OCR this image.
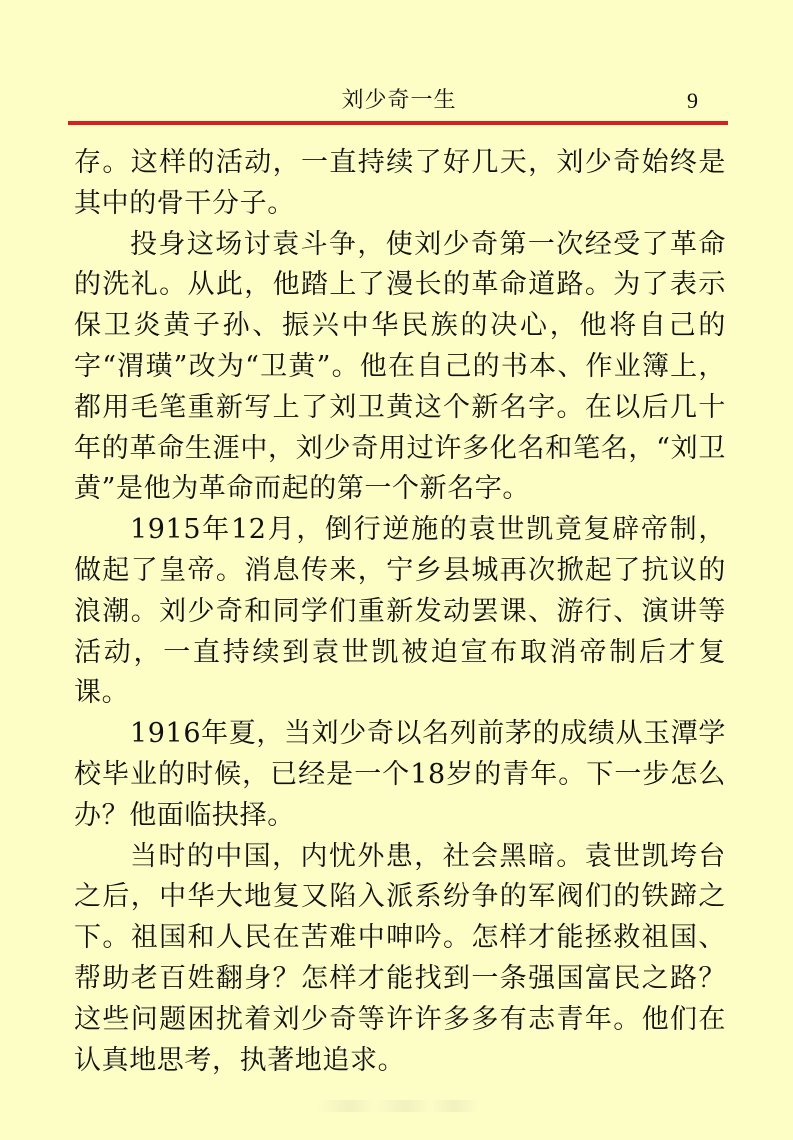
刘少奇一生	9

存。这样的活动，一直持续了好几天，刘少奇始终是其中的骨干分子。

投身这场讨袁斗争，使刘少奇第一次经受了革命的洗礼。从此，他踏上了漫长的革命道路。为了表示保卫炎黄子孙、振兴中华民族的决心，他将自己的字“渭璜”改为“卫黄”。他在自己的书本、作业簿上，都用毛笔重新写上了刘卫黄这个新名字。在以后几十年的革命生涯中，刘少奇用过许多化名和笔名，“刘卫黄”是他为革命而起的第一个新名字。

1915年12月，倒行逆施的袁世凯竟复辟帝制，做起了皇帝。消息传来，宁乡县城再次掀起了抗议的浪潮。刘少奇和同学们重新发动罢课、游行、演讲等活动，一直持续到袁世凯被迫宣布取消帝制后才复课。

1916年夏，当刘少奇以名列前茅的成绩从玉潭学校毕业的时候，已经是一个18岁的青年。下一步怎么办？他面临抉择。

当时的中国，内忧外患，社会黑暗。袁世凯垮台之后，中华大地复又陷入派系纷争的军阀们的铁蹄之下。祖国和人民在苦难中呻吟。怎样才能拯救祖国、帮助老百姓翻身？怎样才能找到一条强国富民之路？这些问题困扰着刘少奇等许许多多有志青年。他们在认真地思考，执著地追求。
